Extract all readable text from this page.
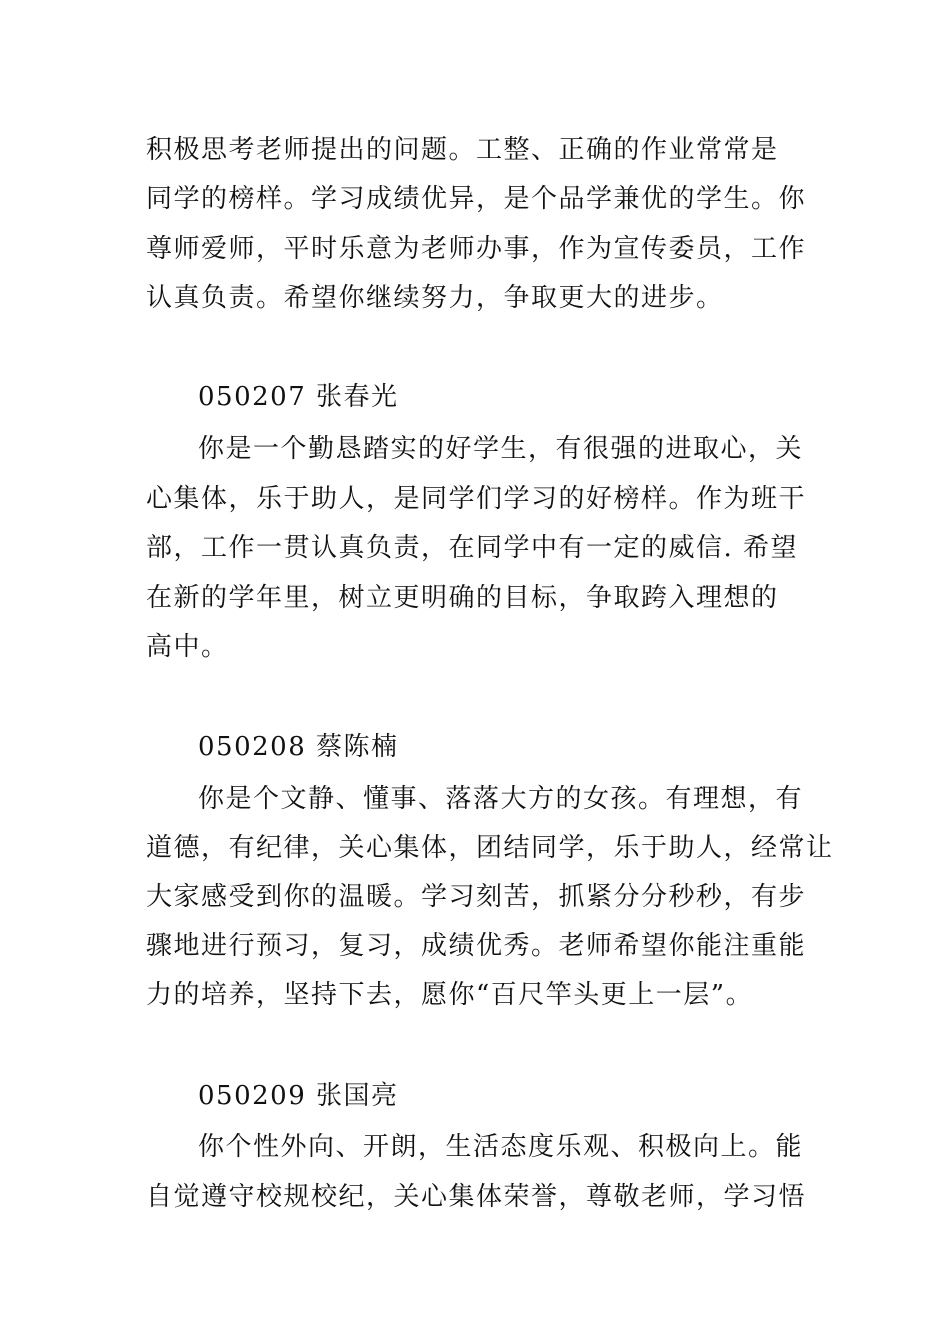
积极思考老师提出的问题。工整、正确的作业常常是
同学的榜样。学习成绩优异，是个品学兼优的学生。你
尊师爱师，平时乐意为老师办事，作为宣传委员，工作
认真负责。希望你继续努力，争取更大的进步。
050207 张春光
你是一个勤恳踏实的好学生，有很强的进取心，关
心集体，乐于助人，是同学们学习的好榜样。作为班干
部，工作一贯认真负责，在同学中有一定的威信. 希望
在新的学年里，树立更明确的目标，争取跨入理想的
高中。
050208 蔡陈楠
你是个文静、懂事、落落大方的女孩。有理想，有
道德，有纪律，关心集体，团结同学，乐于助人，经常让
大家感受到你的温暖。学习刻苦，抓紧分分秒秒，有步
骤地进行预习，复习，成绩优秀。老师希望你能注重能
力的培养，坚持下去，愿你“百尺竿头更上一层”。
050209 张国亮
你个性外向、开朗，生活态度乐观、积极向上。能
自觉遵守校规校纪，关心集体荣誉，尊敬老师，学习悟
